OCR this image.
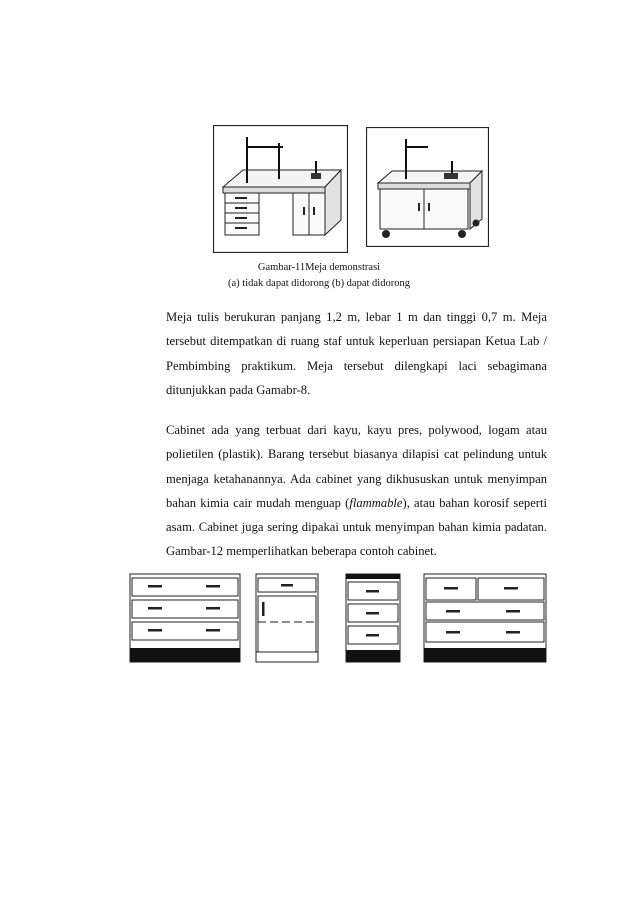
Gambar-11Meja demonstrasi
(a) tidak dapat didorong (b) dapat didorong

Meja tulis berukuran panjang 1,2 m, lebar 1 m dan tinggi 0,7 m. Meja tersebut ditempatkan di ruang staf untuk keperluan persiapan Ketua Lab / Pembimbing praktikum. Meja tersebut dilengkapi laci sebagimana ditunjukkan pada Gamabr-8.

Cabinet ada yang terbuat dari kayu, kayu pres, polywood, logam atau polietilen (plastik). Barang tersebut biasanya dilapisi cat pelindung untuk menjaga ketahanannya. Ada cabinet yang dikhususkan untuk menyimpan bahan kimia cair mudah menguap (flammable), atau bahan korosif seperti asam. Cabinet juga sering dipakai untuk menyimpan bahan kimia padatan. Gambar-12 memperlihatkan beberapa contoh cabinet.
